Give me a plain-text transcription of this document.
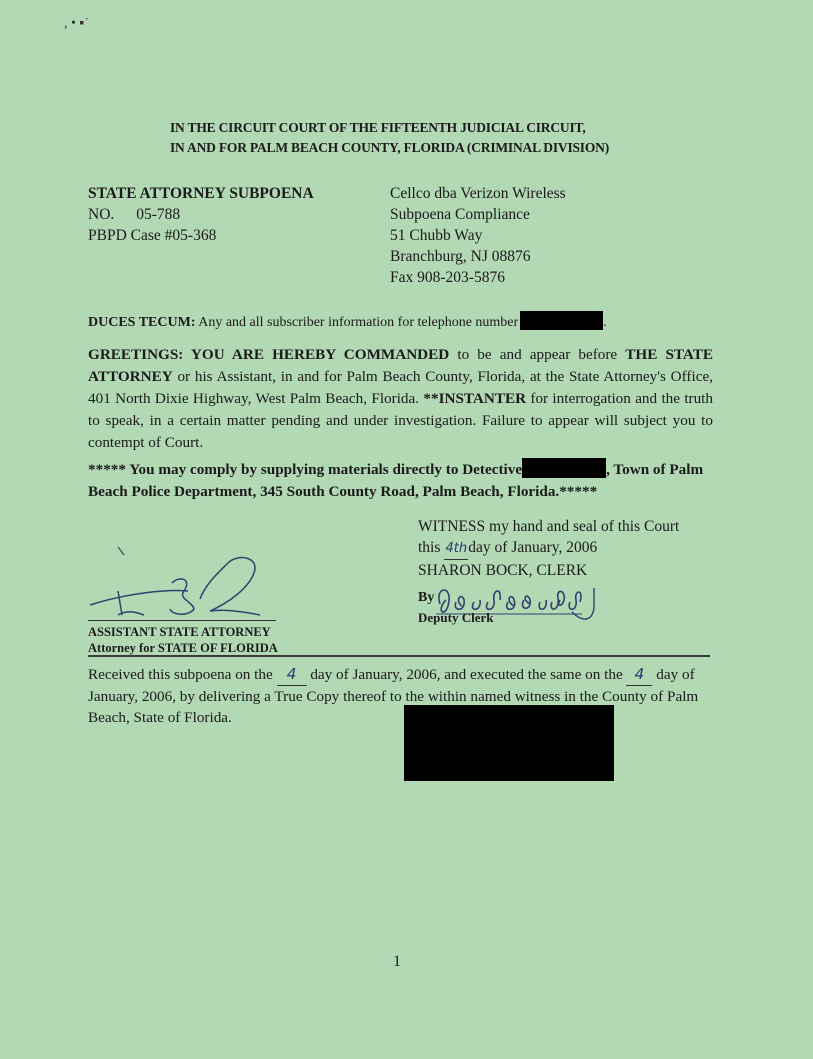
, • ▪˙
IN THE CIRCUIT COURT OF THE FIFTEENTH JUDICIAL CIRCUIT,
IN AND FOR PALM BEACH COUNTY, FLORIDA (CRIMINAL DIVISION)
STATE ATTORNEY SUBPOENA
NO. 05-788
PBPD Case #05-368
Cellco dba Verizon Wireless
Subpoena Compliance
51 Chubb Way
Branchburg, NJ 08876
Fax 908-203-5876
DUCES TECUM: Any and all subscriber information for telephone number	.
GREETINGS: YOU ARE HEREBY COMMANDED to be and appear before THE STATE ATTORNEY or his Assistant, in and for Palm Beach County, Florida, at the State Attorney's Office, 401 North Dixie Highway, West Palm Beach, Florida. **INSTANTER for interrogation and the truth to speak, in a certain matter pending and under investigation. Failure to appear will subject you to contempt of Court.
***** You may comply by supplying materials directly to Detective	, Town of Palm Beach Police Department, 345 South County Road, Palm Beach, Florida.*****
WITNESS my hand and seal of this Court
this 4thday of January, 2006
SHARON BOCK, CLERK
By
Deputy Clerk
ASSISTANT STATE ATTORNEY
Attorney for STATE OF FLORIDA
Received this subpoena on the 4 day of January, 2006, and executed the same on the 4 day of January, 2006, by delivering a True Copy thereof to the within named witness in the County of Palm Beach, State of Florida.
1
